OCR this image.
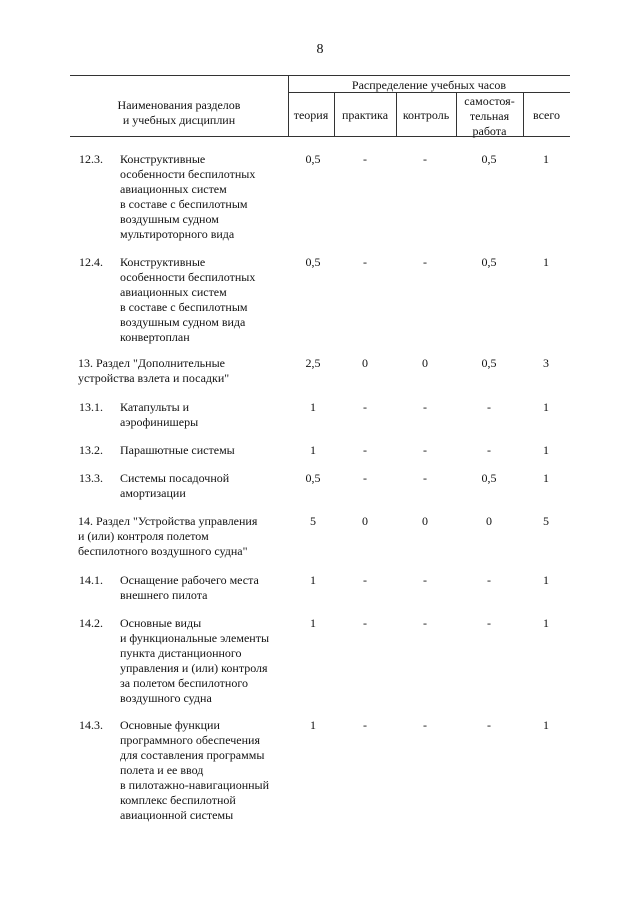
8
Наименования разделов
и учебных дисциплин
Распределение учебных часов
теория	практика	контроль
самостоя-
тельная
работа
всего
12.3. Конструктивные
особенности беспилотных
авиационных систем
в составе с беспилотным
воздушным судном
мультироторного вида
0,5	-	-	0,5	1
12.4. Конструктивные
особенности беспилотных
авиационных систем
в составе с беспилотным
воздушным судном вида
конвертоплан
0,5	-	-	0,5	1
13. Раздел "Дополнительные
устройства взлета и посадки"
2,5	0	0	0,5	3
13.1. Катапульты и
аэрофинишеры
1	-	-	-	1
13.2. Парашютные системы	1	-	-	-	1
13.3. Системы посадочной
амортизации
0,5	-	-	0,5	1
14. Раздел "Устройства управления
и (или) контроля полетом
беспилотного воздушного судна"
5	0	0	0	5
14.1. Оснащение рабочего места
внешнего пилота
1	-	-	-	1
14.2. Основные виды
и функциональные элементы
пункта дистанционного
управления и (или) контроля
за полетом беспилотного
воздушного судна
1	-	-	-	1
14.3. Основные функции
программного обеспечения
для составления программы
полета и ее ввод
в пилотажно-навигационный
комплекс беспилотной
авиационной системы
1	-	-	-	1
